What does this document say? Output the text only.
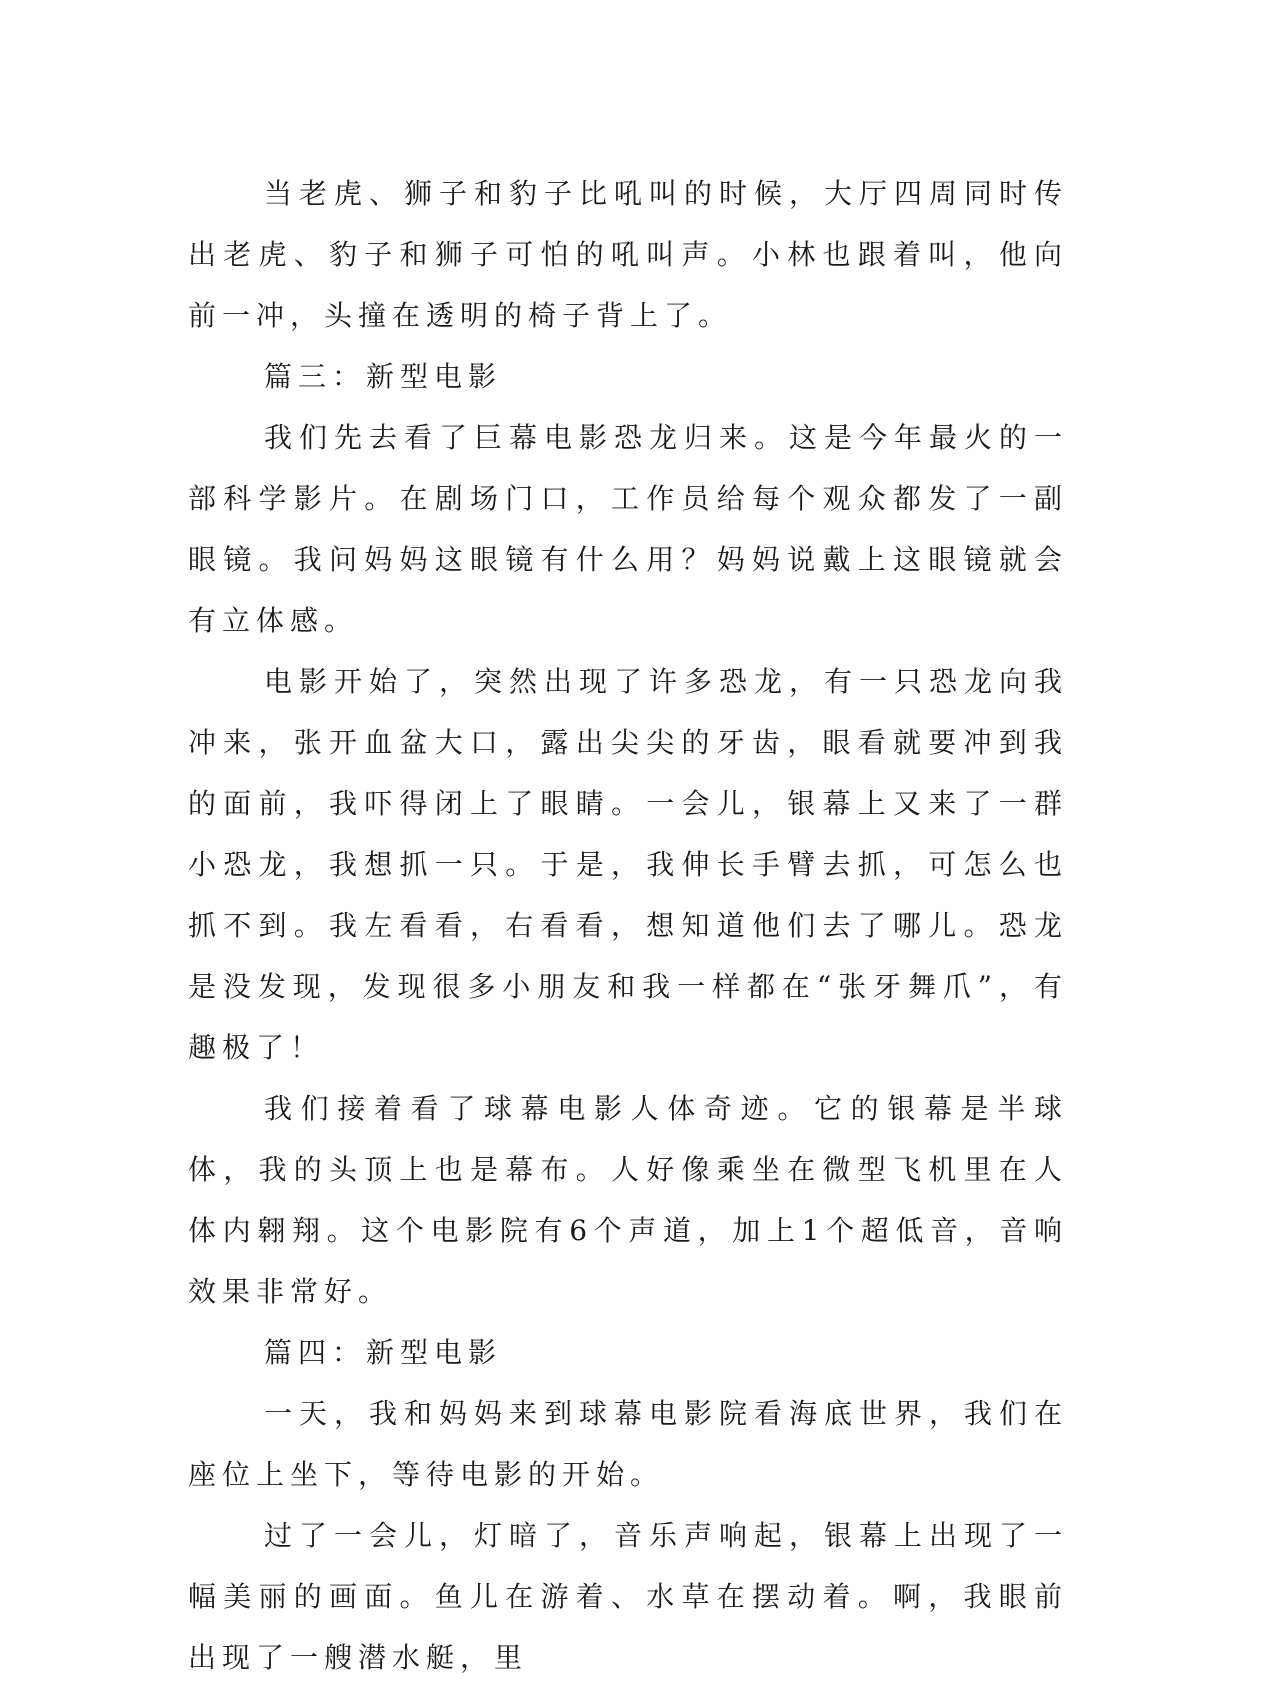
当老虎、狮子和豹子比吼叫的时候，大厅四周同时传出老虎、豹子和狮子可怕的吼叫声。小林也跟着叫，他向前一冲，头撞在透明的椅子背上了。

篇三：新型电影

我们先去看了巨幕电影恐龙归来。这是今年最火的一部科学影片。在剧场门口，工作员给每个观众都发了一副眼镜。我问妈妈这眼镜有什么用？妈妈说戴上这眼镜就会有立体感。

电影开始了，突然出现了许多恐龙，有一只恐龙向我冲来，张开血盆大口，露出尖尖的牙齿，眼看就要冲到我的面前，我吓得闭上了眼睛。一会儿，银幕上又来了一群小恐龙，我想抓一只。于是，我伸长手臂去抓，可怎么也抓不到。我左看看，右看看，想知道他们去了哪儿。恐龙是没发现，发现很多小朋友和我一样都在“张牙舞爪”，有趣极了！

我们接着看了球幕电影人体奇迹。它的银幕是半球体，我的头顶上也是幕布。人好像乘坐在微型飞机里在人体内翱翔。这个电影院有6个声道，加上1个超低音，音响效果非常好。

篇四：新型电影

一天，我和妈妈来到球幕电影院看海底世界，我们在座位上坐下，等待电影的开始。

过了一会儿，灯暗了，音乐声响起，银幕上出现了一幅美丽的画面。鱼儿在游着、水草在摆动着。啊，我眼前出现了一艘潜水艇，里
